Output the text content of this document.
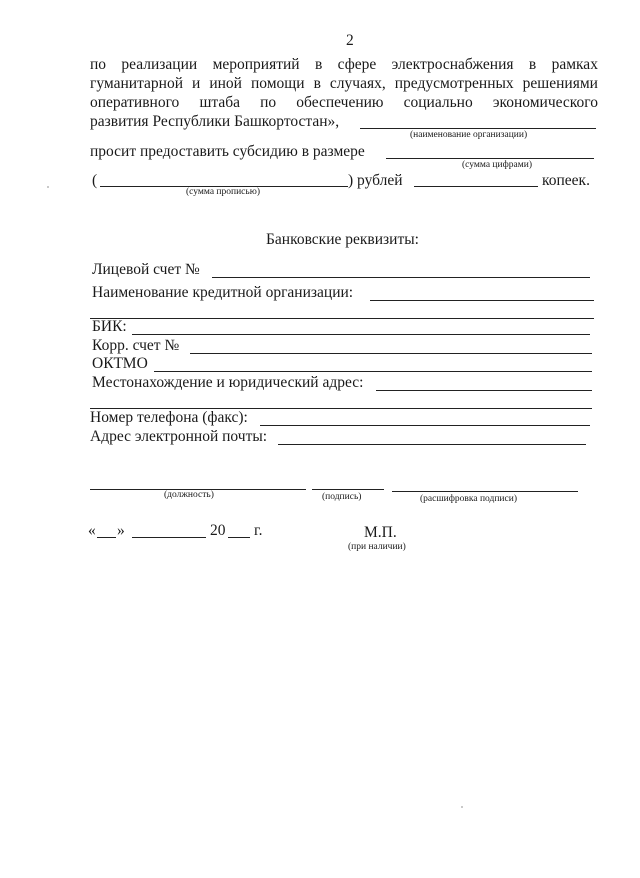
2
по реализации мероприятий в сфере электроснабжения в рамках
гуманитарной и иной помощи в случаях, предусмотренных решениями
оперативного штаба по обеспечению социально экономического
развития Республики Башкортостан»,
(наименование организации)
просит предоставить субсидию в размере
(сумма цифрами)
(	) рублей	копеек.
(сумма прописью)
Банковские реквизиты:
Лицевой счет №
Наименование кредитной организации:
БИК:
Корр. счет №
ОКТМО
Местонахождение и юридический адрес:
Номер телефона (факс):
Адрес электронной почты:
(должность)	(подпись)	(расшифровка подписи)
« »	20 г.	М.П.
(при наличии)
